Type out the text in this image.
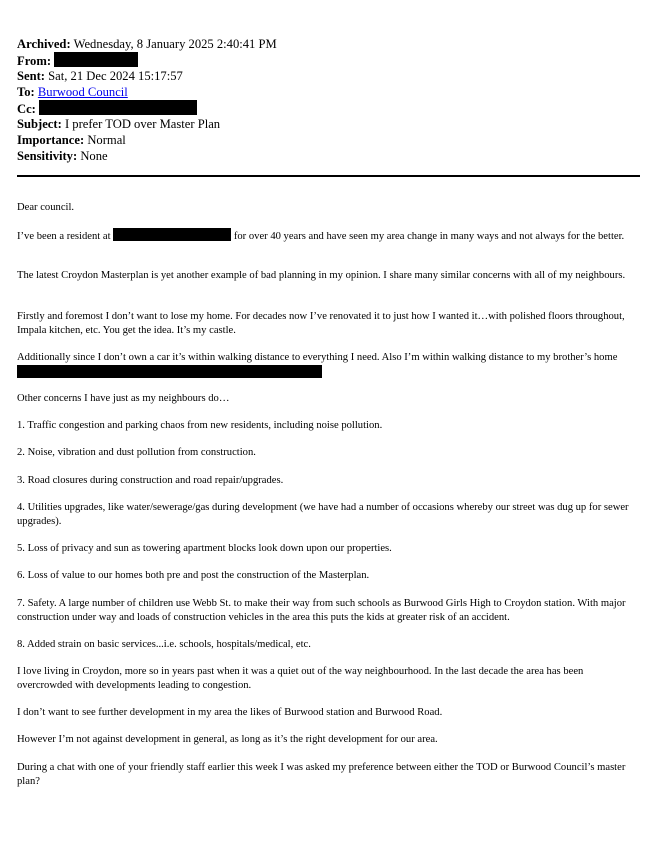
Archived: Wednesday, 8 January 2025 2:40:41 PM
From:
Sent: Sat, 21 Dec 2024 15:17:57
To: Burwood Council
Cc:
Subject: I prefer TOD over Master Plan
Importance: Normal
Sensitivity: None
Dear council.
I’ve been a resident at	for over 40 years and have seen my area change in many ways and not always for the better.
The latest Croydon Masterplan is yet another example of bad planning in my opinion. I share many similar concerns with all of my neighbours.
Firstly and foremost I don’t want to lose my home. For decades now I’ve renovated it to just how I wanted it…with polished floors throughout, Impala kitchen, etc. You get the idea. It’s my castle.
Additionally since I don’t own a car it’s within walking distance to everything I need. Also I’m within walking distance to my brother’s home
Other concerns I have just as my neighbours do…
1. Traffic congestion and parking chaos from new residents, including noise pollution.
2. Noise, vibration and dust pollution from construction.
3. Road closures during construction and road repair/upgrades.
4. Utilities upgrades, like water/sewerage/gas during development (we have had a number of occasions whereby our street was dug up for sewer upgrades).
5. Loss of privacy and sun as towering apartment blocks look down upon our properties.
6. Loss of value to our homes both pre and post the construction of the Masterplan.
7. Safety. A large number of children use Webb St. to make their way from such schools as Burwood Girls High to Croydon station. With major construction under way and loads of construction vehicles in the area this puts the kids at greater risk of an accident.
8. Added strain on basic services...i.e. schools, hospitals/medical, etc.
I love living in Croydon, more so in years past when it was a quiet out of the way neighbourhood. In the last decade the area has been overcrowded with developments leading to congestion.
I don’t want to see further development in my area the likes of Burwood station and Burwood Road.
However I’m not against development in general, as long as it’s the right development for our area.
During a chat with one of your friendly staff earlier this week I was asked my preference between either the TOD or Burwood Council’s master plan?
